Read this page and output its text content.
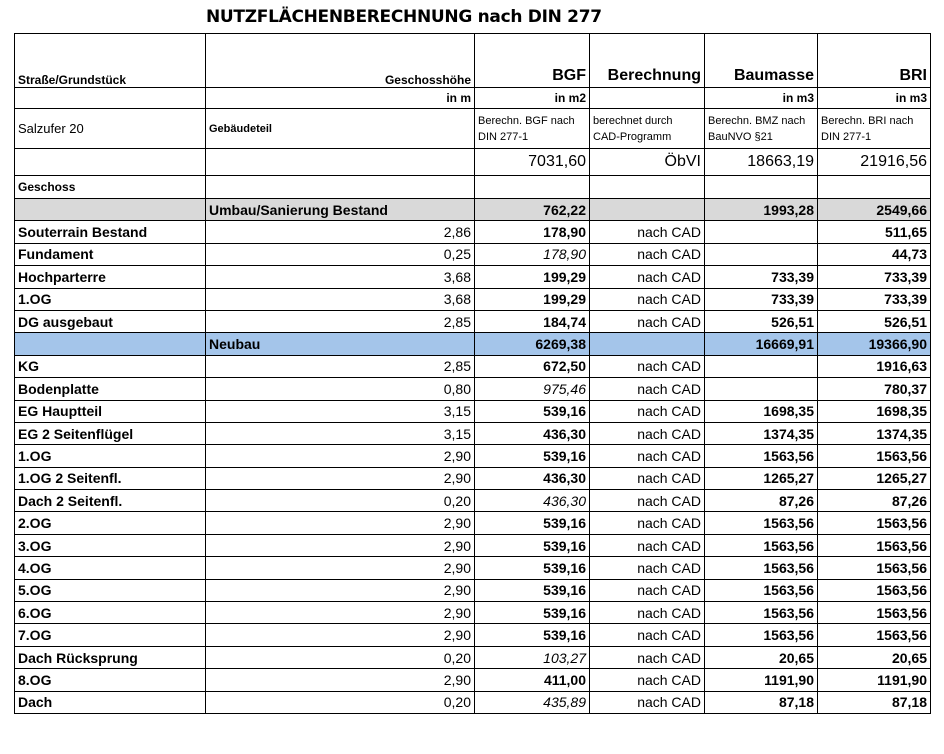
NUTZFLÄCHENBERECHNUNG nach DIN 277
Straße/Grundstück	Geschosshöhe	BGF	Berechnung	Baumasse	BRI
	in m	in m2		in m3	in m3
Salzufer 20	Gebäudeteil	Berechn. BGF nach DIN 277-1	berechnet durch CAD-Programm	Berechn. BMZ nach BauNVO §21	Berechn. BRI nach DIN 277-1
		7031,60	ÖbVI	18663,19	21916,56
Geschoss					
	Umbau/Sanierung Bestand	762,22		1993,28	2549,66
Souterrain Bestand	2,86	178,90	nach CAD		511,65
Fundament	0,25	178,90	nach CAD		44,73
Hochparterre	3,68	199,29	nach CAD	733,39	733,39
1.OG	3,68	199,29	nach CAD	733,39	733,39
DG ausgebaut	2,85	184,74	nach CAD	526,51	526,51
	Neubau	6269,38		16669,91	19366,90
KG	2,85	672,50	nach CAD		1916,63
Bodenplatte	0,80	975,46	nach CAD		780,37
EG Hauptteil	3,15	539,16	nach CAD	1698,35	1698,35
EG 2 Seitenflügel	3,15	436,30	nach CAD	1374,35	1374,35
1.OG	2,90	539,16	nach CAD	1563,56	1563,56
1.OG 2 Seitenfl.	2,90	436,30	nach CAD	1265,27	1265,27
Dach 2 Seitenfl.	0,20	436,30	nach CAD	87,26	87,26
2.OG	2,90	539,16	nach CAD	1563,56	1563,56
3.OG	2,90	539,16	nach CAD	1563,56	1563,56
4.OG	2,90	539,16	nach CAD	1563,56	1563,56
5.OG	2,90	539,16	nach CAD	1563,56	1563,56
6.OG	2,90	539,16	nach CAD	1563,56	1563,56
7.OG	2,90	539,16	nach CAD	1563,56	1563,56
Dach Rücksprung	0,20	103,27	nach CAD	20,65	20,65
8.OG	2,90	411,00	nach CAD	1191,90	1191,90
Dach	0,20	435,89	nach CAD	87,18	87,18
